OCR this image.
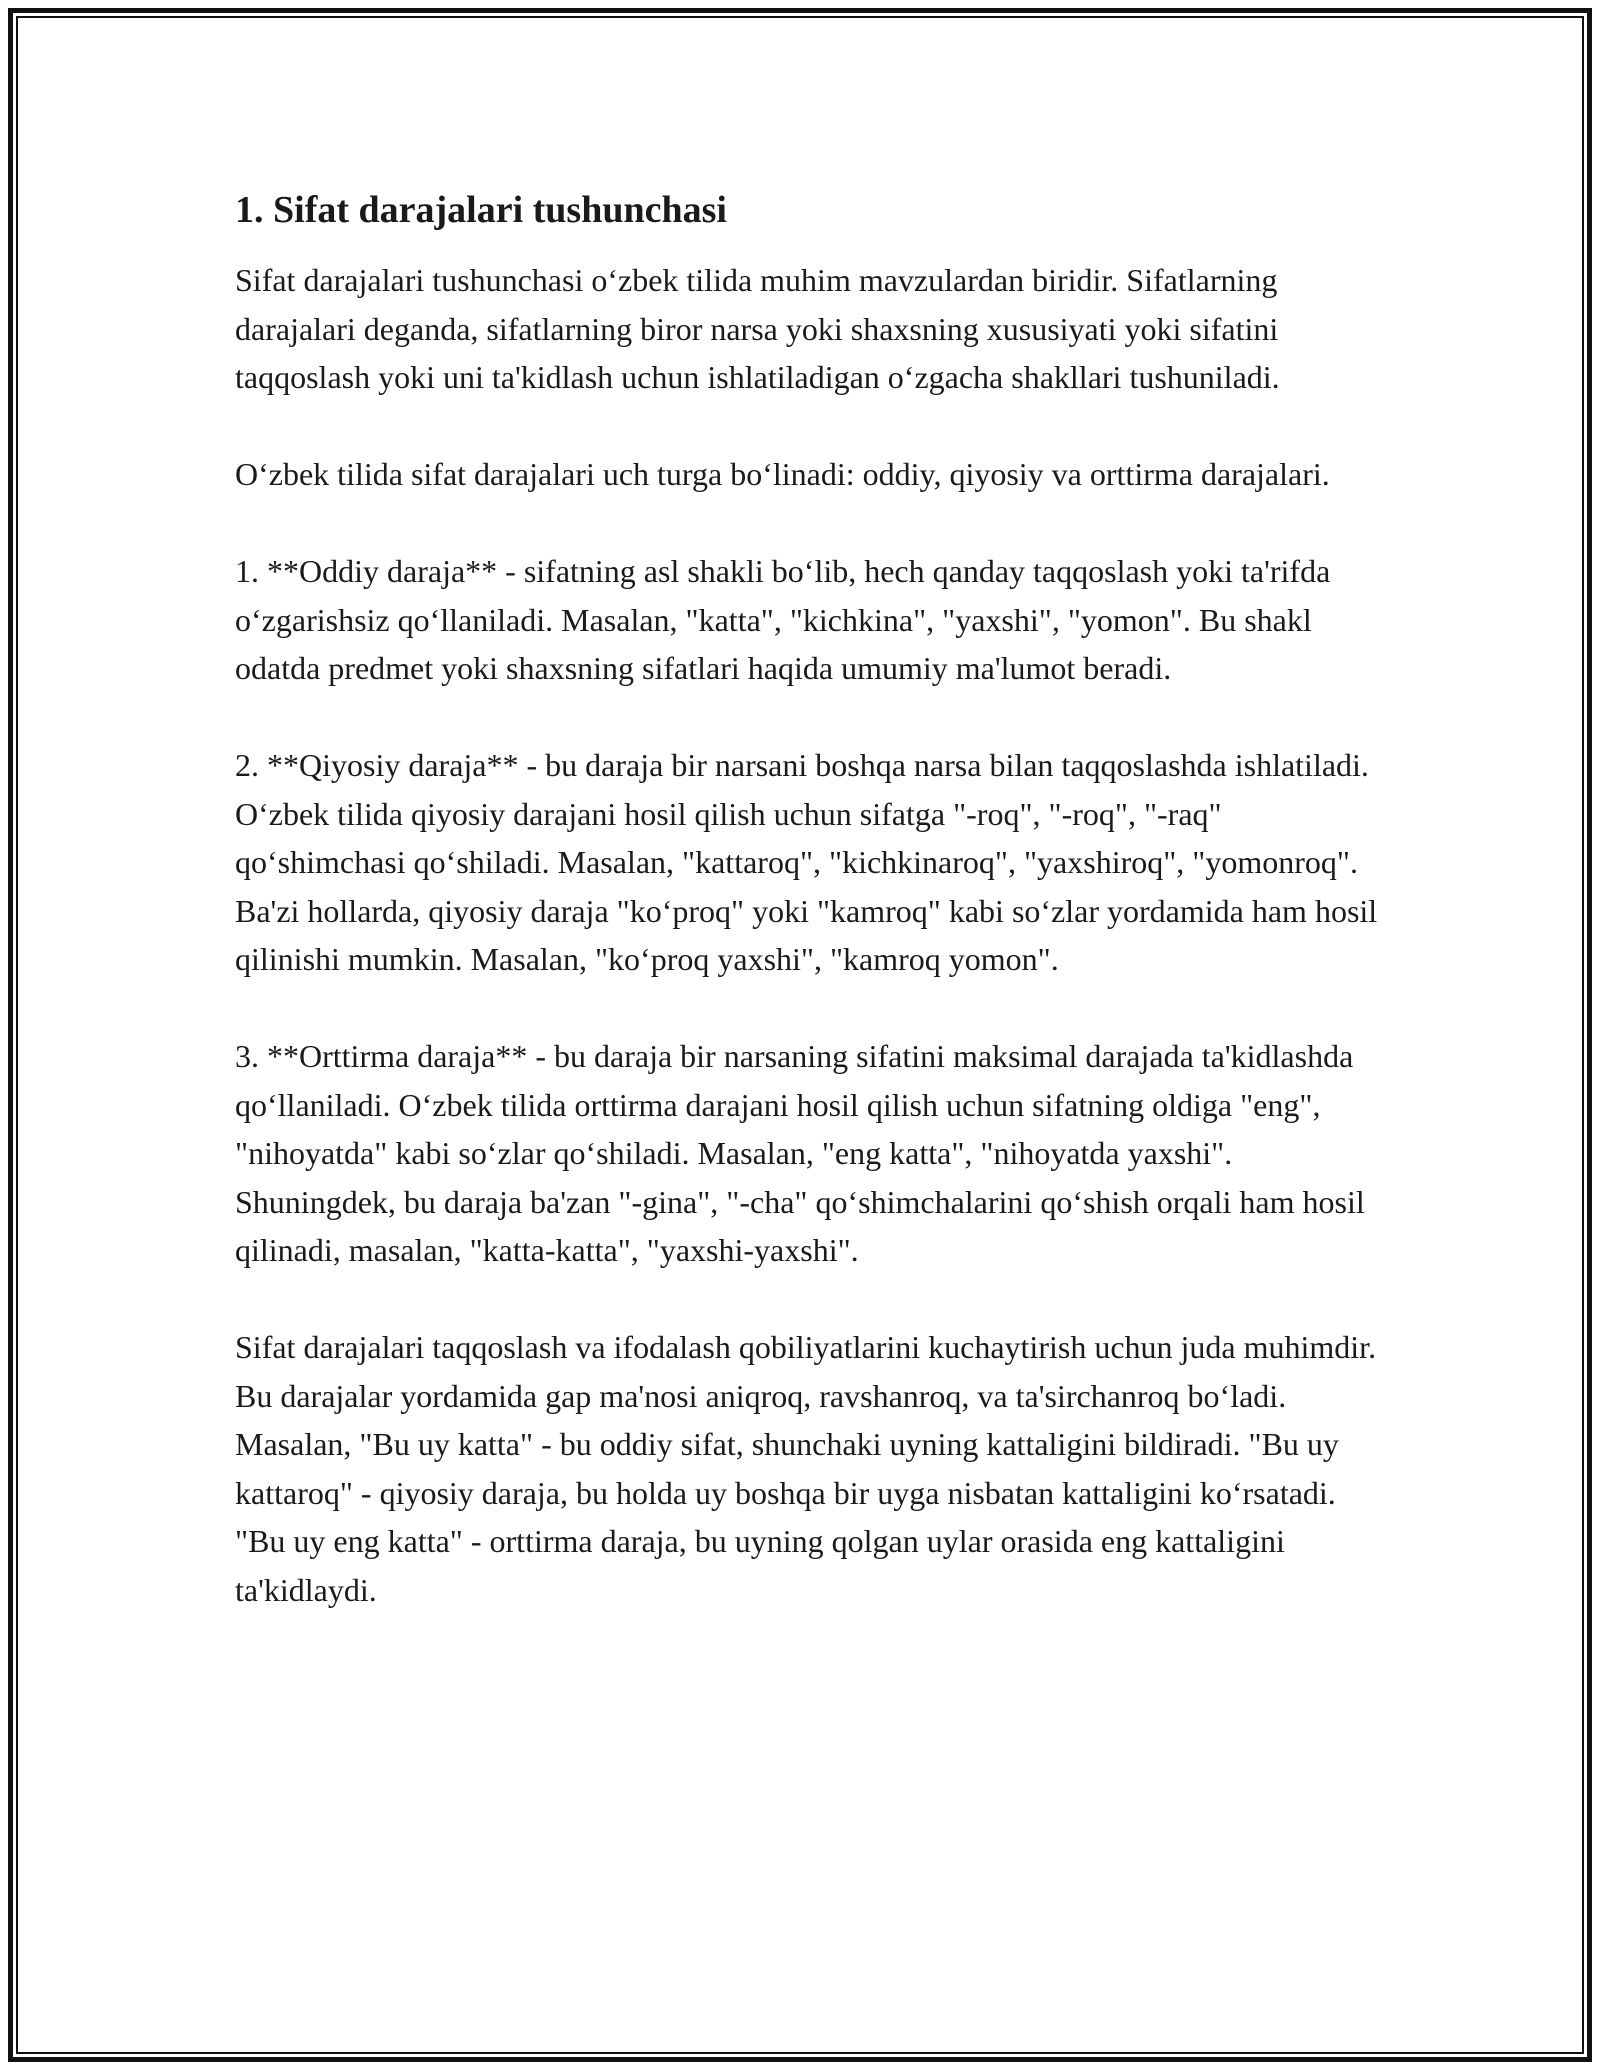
1. Sifat darajalari tushunchasi

Sifat darajalari tushunchasi o‘zbek tilida muhim mavzulardan biridir. Sifatlarning darajalari deganda, sifatlarning biror narsa yoki shaxsning xususiyati yoki sifatini taqqoslash yoki uni ta'kidlash uchun ishlatiladigan o‘zgacha shakllari tushuniladi.

O‘zbek tilida sifat darajalari uch turga bo‘linadi: oddiy, qiyosiy va orttirma darajalari.

1. **Oddiy daraja** - sifatning asl shakli bo‘lib, hech qanday taqqoslash yoki ta'rifda o‘zgarishsiz qo‘llaniladi. Masalan, "katta", "kichkina", "yaxshi", "yomon". Bu shakl odatda predmet yoki shaxsning sifatlari haqida umumiy ma'lumot beradi.

2. **Qiyosiy daraja** - bu daraja bir narsani boshqa narsa bilan taqqoslashda ishlatiladi. O‘zbek tilida qiyosiy darajani hosil qilish uchun sifatga "-roq", "-roq", "-raq" qo‘shimchasi qo‘shiladi. Masalan, "kattaroq", "kichkinaroq", "yaxshiroq", "yomonroq". Ba'zi hollarda, qiyosiy daraja "ko‘proq" yoki "kamroq" kabi so‘zlar yordamida ham hosil qilinishi mumkin. Masalan, "ko‘proq yaxshi", "kamroq yomon".

3. **Orttirma daraja** - bu daraja bir narsaning sifatini maksimal darajada ta'kidlashda qo‘llaniladi. O‘zbek tilida orttirma darajani hosil qilish uchun sifatning oldiga "eng", "nihoyatda" kabi so‘zlar qo‘shiladi. Masalan, "eng katta", "nihoyatda yaxshi". Shuningdek, bu daraja ba'zan "-gina", "-cha" qo‘shimchalarini qo‘shish orqali ham hosil qilinadi, masalan, "katta-katta", "yaxshi-yaxshi".

Sifat darajalari taqqoslash va ifodalash qobiliyatlarini kuchaytirish uchun juda muhimdir. Bu darajalar yordamida gap ma'nosi aniqroq, ravshanroq, va ta'sirchanroq bo‘ladi. Masalan, "Bu uy katta" - bu oddiy sifat, shunchaki uyning kattaligini bildiradi. "Bu uy kattaroq" - qiyosiy daraja, bu holda uy boshqa bir uyga nisbatan kattaligini ko‘rsatadi. "Bu uy eng katta" - orttirma daraja, bu uyning qolgan uylar orasida eng kattaligini ta'kidlaydi.
